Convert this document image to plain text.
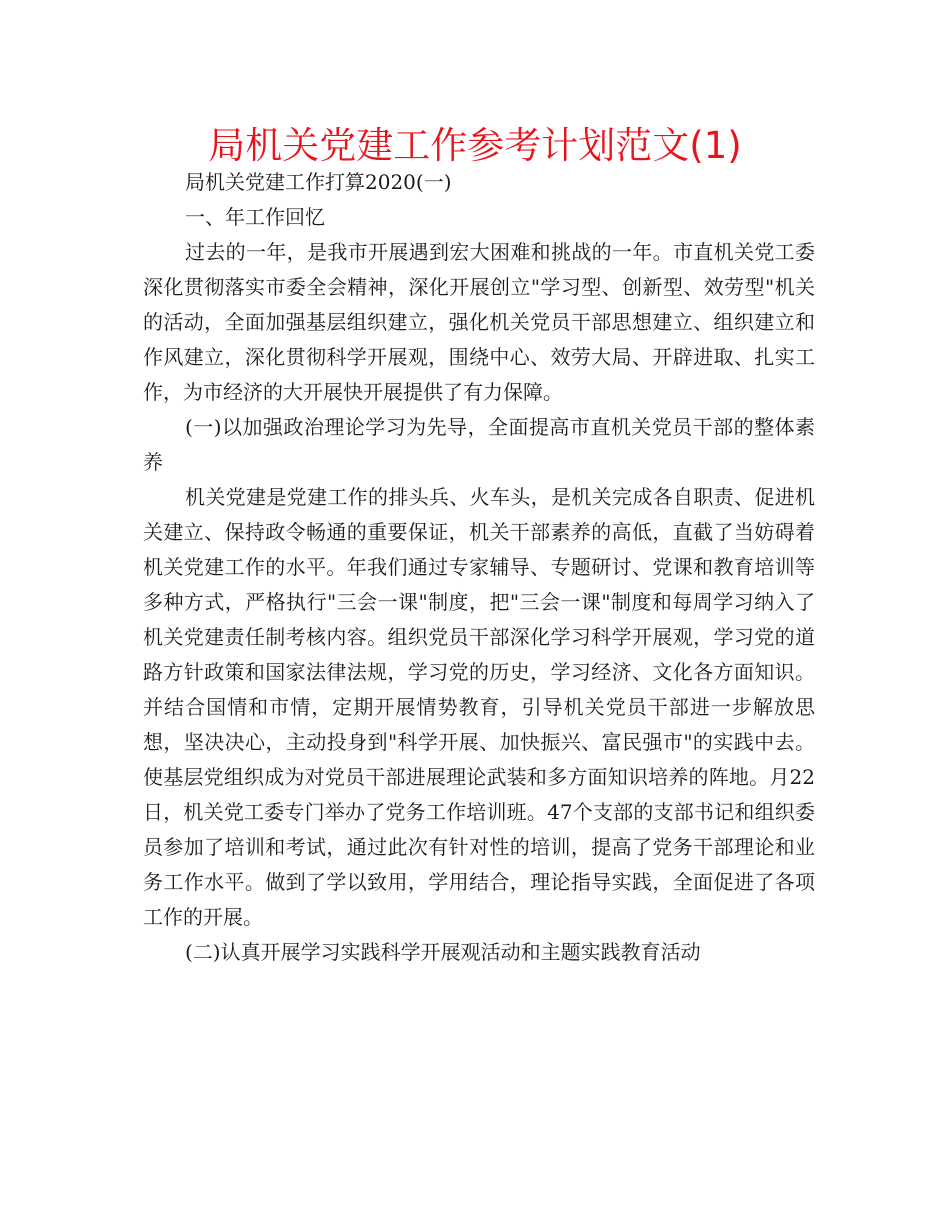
局机关党建工作参考计划范文(1)

局机关党建工作打算2020(一)

一、年工作回忆

过去的一年，是我市开展遇到宏大困难和挑战的一年。市直机关党工委深化贯彻落实市委全会精神，深化开展创立"学习型、创新型、效劳型"机关的活动，全面加强基层组织建立，强化机关党员干部思想建立、组织建立和作风建立，深化贯彻科学开展观，围绕中心、效劳大局、开辟进取、扎实工作，为市经济的大开展快开展提供了有力保障。

(一)以加强政治理论学习为先导，全面提高市直机关党员干部的整体素养

机关党建是党建工作的排头兵、火车头，是机关完成各自职责、促进机关建立、保持政令畅通的重要保证，机关干部素养的高低，直截了当妨碍着机关党建工作的水平。年我们通过专家辅导、专题研讨、党课和教育培训等多种方式，严格执行"三会一课"制度，把"三会一课"制度和每周学习纳入了机关党建责任制考核内容。组织党员干部深化学习科学开展观，学习党的道路方针政策和国家法律法规，学习党的历史，学习经济、文化各方面知识。并结合国情和市情，定期开展情势教育，引导机关党员干部进一步解放思想，坚决决心，主动投身到"科学开展、加快振兴、富民强市"的实践中去。使基层党组织成为对党员干部进展理论武装和多方面知识培养的阵地。月22日，机关党工委专门举办了党务工作培训班。47个支部的支部书记和组织委员参加了培训和考试，通过此次有针对性的培训，提高了党务干部理论和业务工作水平。做到了学以致用，学用结合，理论指导实践，全面促进了各项工作的开展。

(二)认真开展学习实践科学开展观活动和主题实践教育活动
